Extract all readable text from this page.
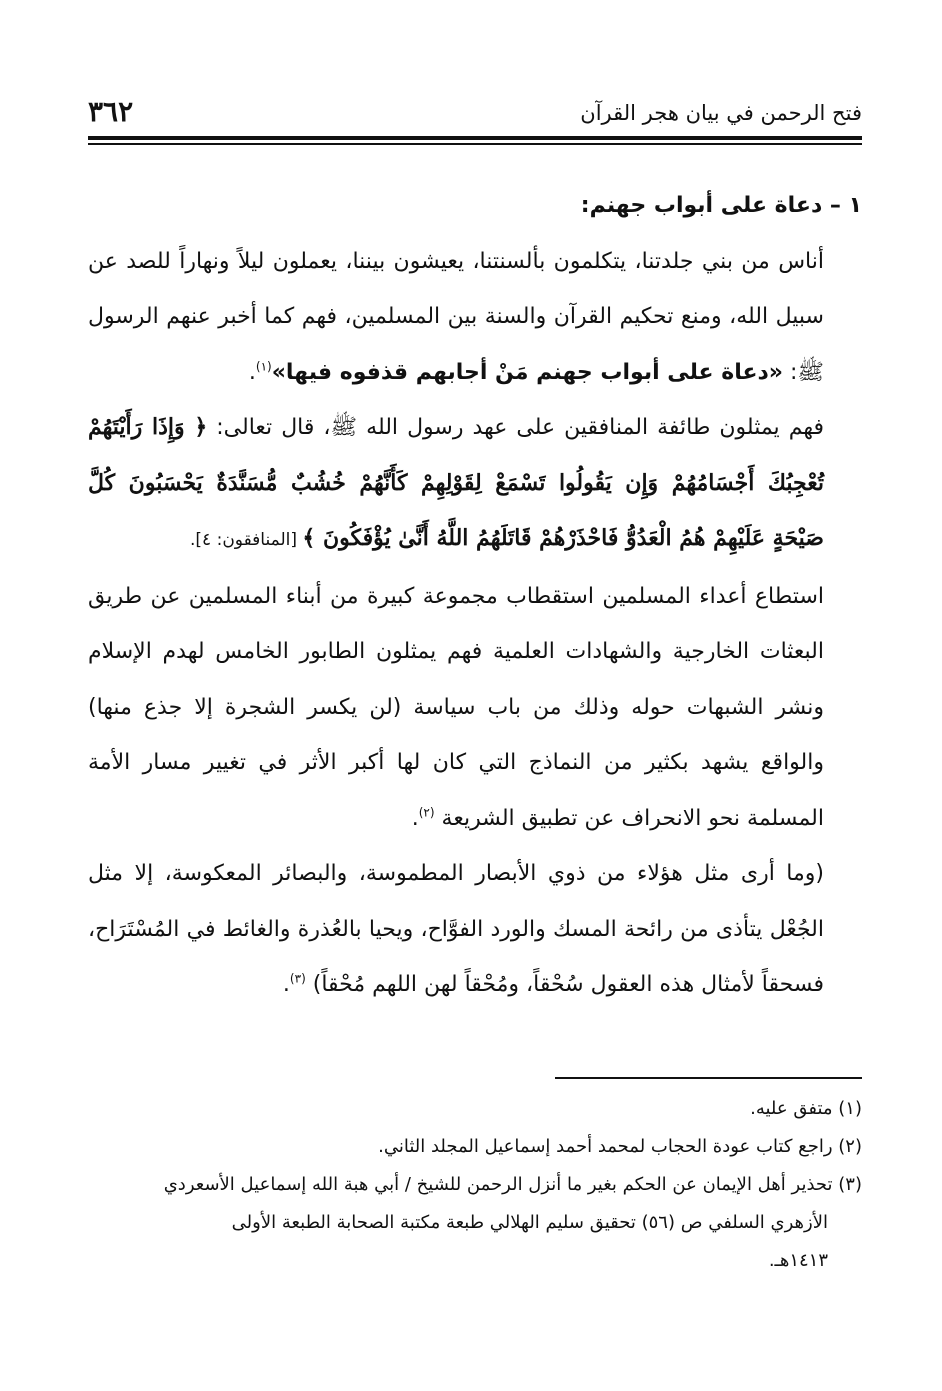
فتح الرحمن في بيان هجر القرآن
٣٦٢

١ – دعاة على أبواب جهنم:

أناس من بني جلدتنا، يتكلمون بألسنتنا، يعيشون بيننا، يعملون ليلاً ونهاراً للصد عن سبيل الله، ومنع تحكيم القرآن والسنة بين المسلمين، فهم كما أخبر عنهم الرسول ﷺ: «دعاة على أبواب جهنم مَنْ أجابهم قذفوه فيها»$^{(١)}$.

فهم يمثلون طائفة المنافقين على عهد رسول الله ﷺ، قال تعالى: ﴿ وَإِذَا رَأَيْتَهُمْ تُعْجِبُكَ أَجْسَامُهُمْ وَإِن يَقُولُوا تَسْمَعْ لِقَوْلِهِمْ كَأَنَّهُمْ خُشُبٌ مُّسَنَّدَةٌ يَحْسَبُونَ كُلَّ صَيْحَةٍ عَلَيْهِمْ هُمُ الْعَدُوُّ فَاحْذَرْهُمْ قَاتَلَهُمُ اللَّهُ أَنَّىٰ يُؤْفَكُونَ ﴾ [المنافقون: ٤].

استطاع أعداء المسلمين استقطاب مجموعة كبيرة من أبناء المسلمين عن طريق البعثات الخارجية والشهادات العلمية فهم يمثلون الطابور الخامس لهدم الإسلام ونشر الشبهات حوله وذلك من باب سياسة (لن يكسر الشجرة إلا جذع منها) والواقع يشهد بكثير من النماذج التي كان لها أكبر الأثر في تغيير مسار الأمة المسلمة نحو الانحراف عن تطبيق الشريعة $^{(٢)}$.

(وما أرى مثل هؤلاء من ذوي الأبصار المطموسة، والبصائر المعكوسة، إلا مثل الجُعْل يتأذى من رائحة المسك والورد الفوَّاح، ويحيا بالعُذرة والغائط في المُسْتَرَاح، فسحقاً لأمثال هذه العقول سُحْقاً، ومُحْقاً لهن اللهم مُحْقاً) $^{(٣)}$.

(١) متفق عليه.

(٢) راجع كتاب عودة الحجاب لمحمد أحمد إسماعيل المجلد الثاني.

(٣) تحذير أهل الإيمان عن الحكم بغير ما أنزل الرحمن للشيخ / أبي هبة الله إسماعيل الأسعردي

الأزهري السلفي ص (٥٦) تحقيق سليم الهلالي طبعة مكتبة الصحابة الطبعة الأولى

١٤١٣هـ.
